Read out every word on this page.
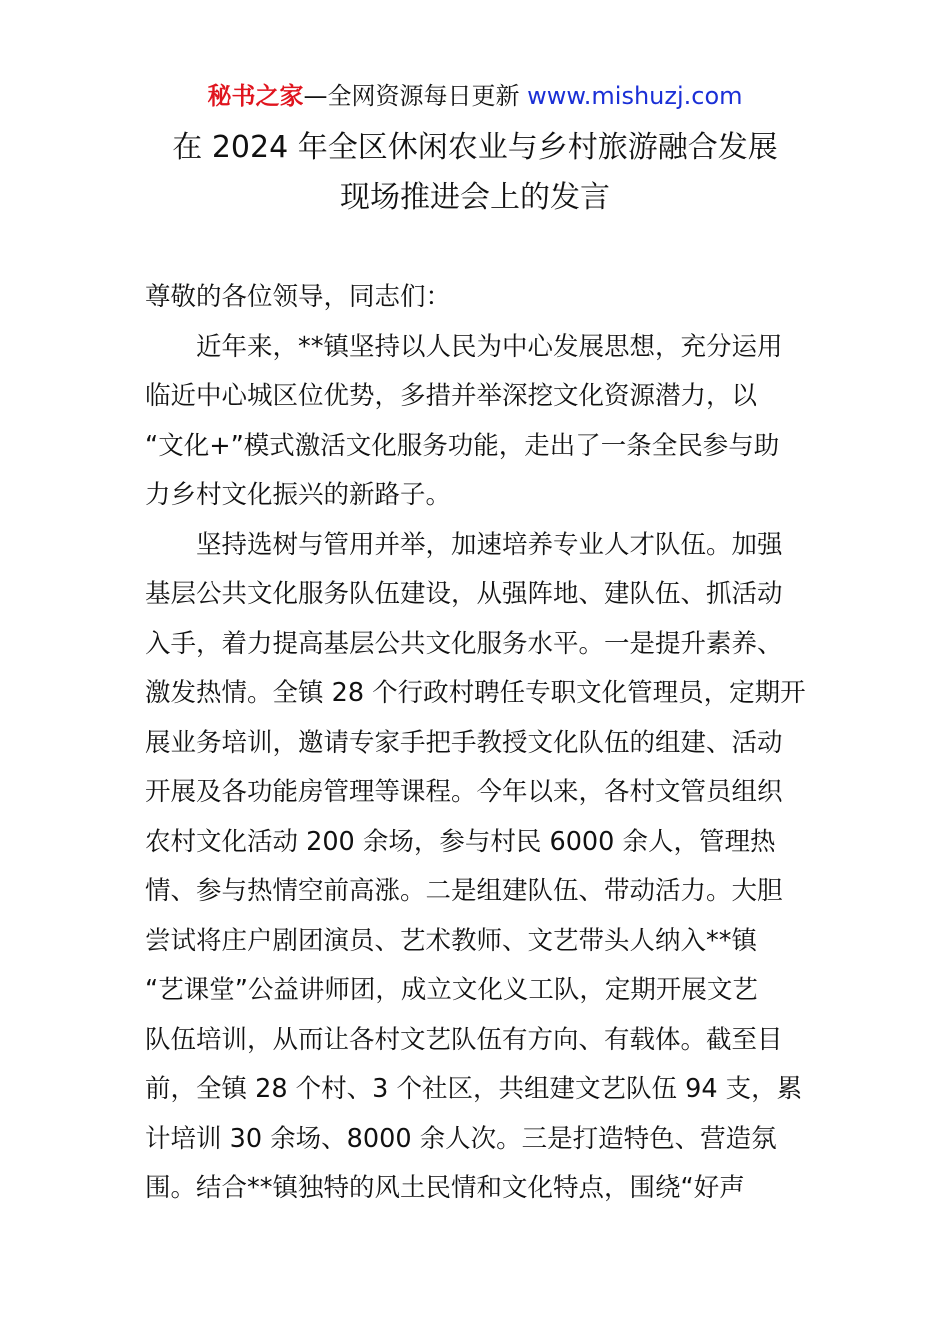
秘书之家—全网资源每日更新 www.mishuzj.com
在 2024 年全区休闲农业与乡村旅游融合发展
现场推进会上的发言
尊敬的各位领导，同志们：
近年来，**镇坚持以人民为中心发展思想，充分运用
临近中心城区位优势，多措并举深挖文化资源潜力，以
“文化+”模式激活文化服务功能，走出了一条全民参与助
力乡村文化振兴的新路子。
坚持选树与管用并举，加速培养专业人才队伍。加强
基层公共文化服务队伍建设，从强阵地、建队伍、抓活动
入手，着力提高基层公共文化服务水平。一是提升素养、
激发热情。全镇 28 个行政村聘任专职文化管理员，定期开
展业务培训，邀请专家手把手教授文化队伍的组建、活动
开展及各功能房管理等课程。今年以来，各村文管员组织
农村文化活动 200 余场，参与村民 6000 余人，管理热
情、参与热情空前高涨。二是组建队伍、带动活力。大胆
尝试将庄户剧团演员、艺术教师、文艺带头人纳入**镇
“艺课堂”公益讲师团，成立文化义工队，定期开展文艺
队伍培训，从而让各村文艺队伍有方向、有载体。截至目
前，全镇 28 个村、3 个社区，共组建文艺队伍 94 支，累
计培训 30 余场、8000 余人次。三是打造特色、营造氛
围。结合**镇独特的风土民情和文化特点，围绕“好声
